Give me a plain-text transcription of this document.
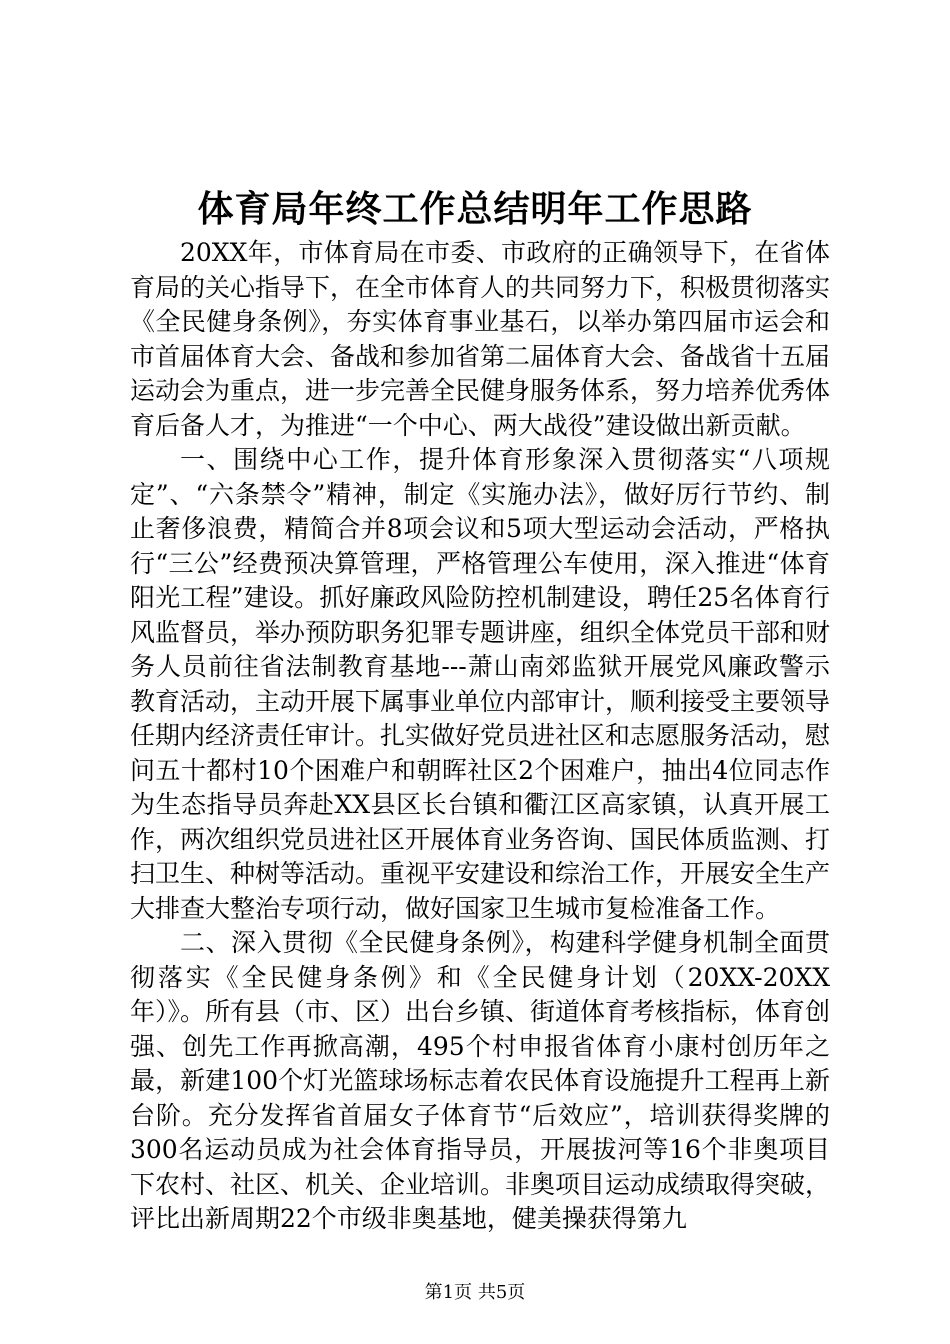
体育局年终工作总结明年工作思路

20XX年，市体育局在市委、市政府的正确领导下，在省体育局的关心指导下，在全市体育人的共同努力下，积极贯彻落实《全民健身条例》，夯实体育事业基石，以举办第四届市运会和市首届体育大会、备战和参加省第二届体育大会、备战省十五届运动会为重点，进一步完善全民健身服务体系，努力培养优秀体育后备人才，为推进“一个中心、两大战役”建设做出新贡献。

一、围绕中心工作，提升体育形象深入贯彻落实“八项规定”、“六条禁令”精神，制定《实施办法》，做好厉行节约、制止奢侈浪费，精简合并8项会议和5项大型运动会活动，严格执行“三公”经费预决算管理，严格管理公车使用，深入推进“体育阳光工程”建设。抓好廉政风险防控机制建设，聘任25名体育行风监督员，举办预防职务犯罪专题讲座，组织全体党员干部和财务人员前往省法制教育基地---萧山南郊监狱开展党风廉政警示教育活动，主动开展下属事业单位内部审计，顺利接受主要领导任期内经济责任审计。扎实做好党员进社区和志愿服务活动，慰问五十都村10个困难户和朝晖社区2个困难户，抽出4位同志作为生态指导员奔赴XX县区长台镇和衢江区高家镇，认真开展工作，两次组织党员进社区开展体育业务咨询、国民体质监测、打扫卫生、种树等活动。重视平安建设和综治工作，开展安全生产大排查大整治专项行动，做好国家卫生城市复检准备工作。

二、深入贯彻《全民健身条例》，构建科学健身机制全面贯彻落实《全民健身条例》和《全民健身计划（20XX-20XX年）》。所有县（市、区）出台乡镇、街道体育考核指标，体育创强、创先工作再掀高潮，495个村申报省体育小康村创历年之最，新建100个灯光篮球场标志着农民体育设施提升工程再上新台阶。充分发挥省首届女子体育节“后效应”，培训获得奖牌的300名运动员成为社会体育指导员，开展拔河等16个非奥项目下农村、社区、机关、企业培训。非奥项目运动成绩取得突破，评比出新周期22个市级非奥基地，健美操获得第九

第1页 共5页
